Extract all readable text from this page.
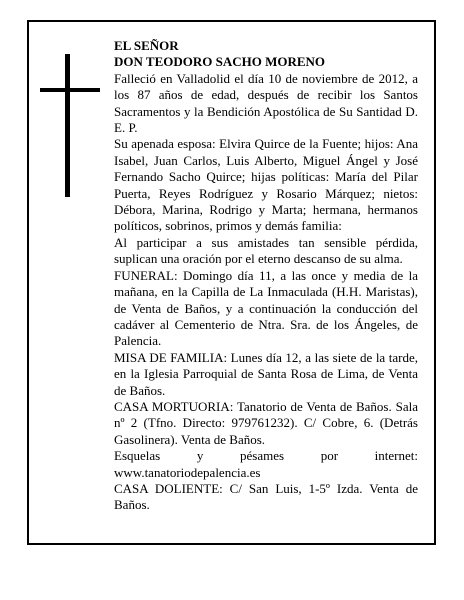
EL SEÑOR

DON TEODORO SACHO MORENO

Falleció en Valladolid el día 10 de noviembre de 2012, a los 87 años de edad, después de recibir los Santos Sacramentos y la Bendición Apostólica de Su Santidad D. E. P.

Su apenada esposa: Elvira Quirce de la Fuente; hijos: Ana Isabel, Juan Carlos, Luis Alberto, Miguel Ángel y José Fernando Sacho Quirce; hijas políticas: María del Pilar Puerta, Reyes Rodríguez y Rosario Márquez; nietos: Débora, Marina, Rodrigo y Marta; hermana, hermanos políticos, sobrinos, primos y demás familia:

Al participar a sus amistades tan sensible pérdida, suplican una oración por el eterno descanso de su alma.

FUNERAL: Domingo día 11, a las once y media de la mañana, en la Capilla de La Inmaculada (H.H. Maristas), de Venta de Baños, y a continuación la conducción del cadáver al Cementerio de Ntra. Sra. de los Ángeles, de Palencia.

MISA DE FAMILIA: Lunes día 12, a las siete de la tarde, en la Iglesia Parroquial de Santa Rosa de Lima, de Venta de Baños.

CASA MORTUORIA: Tanatorio de Venta de Baños. Sala nº 2 (Tfno. Directo: 979761232). C/ Cobre, 6. (Detrás Gasolinera). Venta de Baños.

Esquelas y pésames por internet: www.tanatoriodepalencia.es

CASA DOLIENTE: C/ San Luis, 1-5º Izda. Venta de Baños.
